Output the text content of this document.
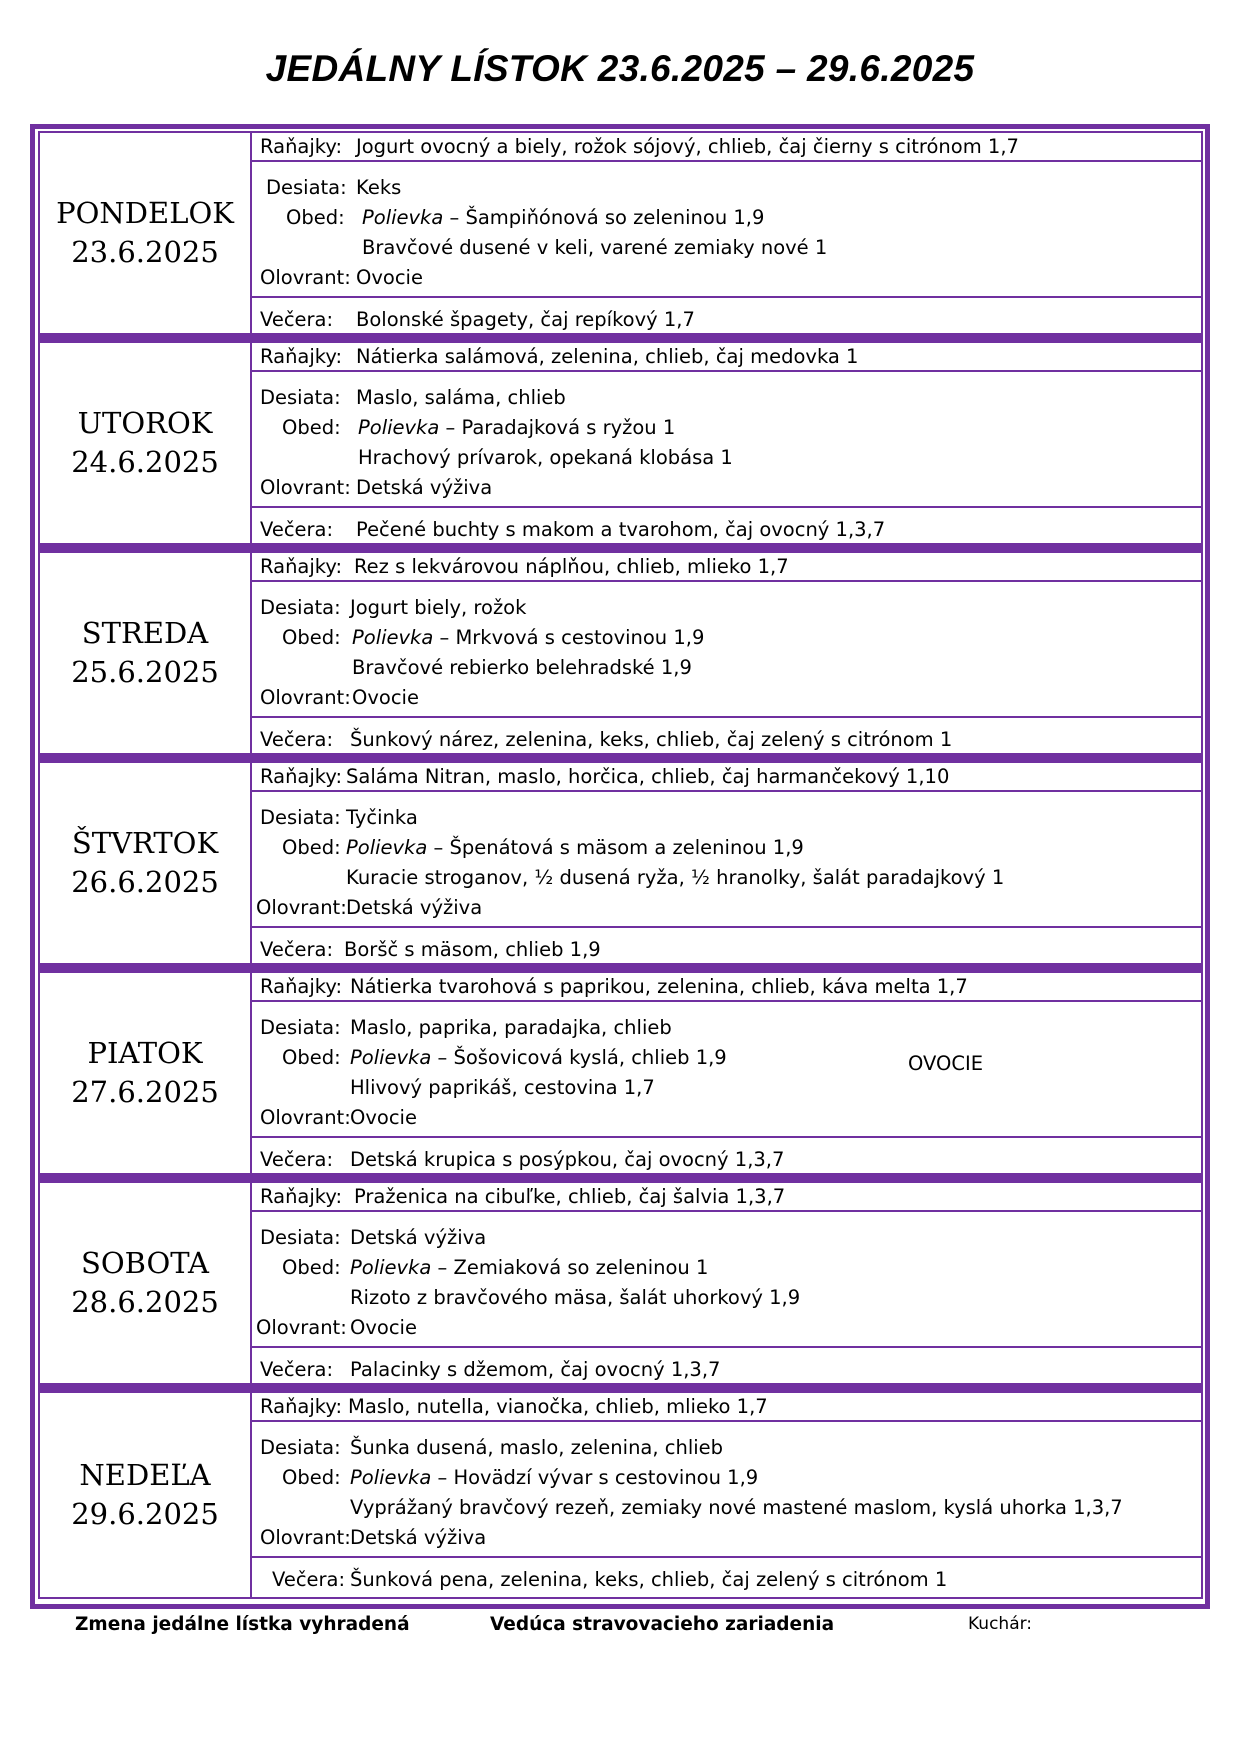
JEDÁLNY LÍSTOK 23.6.2025 – 29.6.2025
PONDELOK
23.6.2025
Raňajky: Jogurt ovocný a biely, rožok sójový, chlieb, čaj čierny s citrónom 1,7
Desiata: Keks
Obed: Polievka – Šampiňónová so zeleninou 1,9
Bravčové dusené v keli, varené zemiaky nové 1
Olovrant: Ovocie
Večera: Bolonské špagety, čaj repíkový 1,7
UTOROK
24.6.2025
Raňajky: Nátierka salámová, zelenina, chlieb, čaj medovka 1
Desiata: Maslo, saláma, chlieb
Obed: Polievka – Paradajková s ryžou 1
Hrachový prívarok, opekaná klobása 1
Olovrant: Detská výživa
Večera: Pečené buchty s makom a tvarohom, čaj ovocný 1,3,7
STREDA
25.6.2025
Raňajky: Rez s lekvárovou náplňou, chlieb, mlieko 1,7
Desiata: Jogurt biely, rožok
Obed: Polievka – Mrkvová s cestovinou 1,9
Bravčové rebierko belehradské 1,9
Olovrant: Ovocie
Večera: Šunkový nárez, zelenina, keks, chlieb, čaj zelený s citrónom 1
ŠTVRTOK
26.6.2025
Raňajky: Saláma Nitran, maslo, horčica, chlieb, čaj harmančekový 1,10
Desiata: Tyčinka
Obed: Polievka – Špenátová s mäsom a zeleninou 1,9
Kuracie stroganov, ½ dusená ryža, ½ hranolky, šalát paradajkový 1
Olovrant: Detská výživa
Večera: Boršč s mäsom, chlieb 1,9
PIATOK
27.6.2025
Raňajky: Nátierka tvarohová s paprikou, zelenina, chlieb, káva melta 1,7
Desiata: Maslo, paprika, paradajka, chlieb
Obed: Polievka – Šošovicová kyslá, chlieb 1,9	OVOCIE
Hlivový paprikáš, cestovina 1,7
Olovrant: Ovocie
Večera: Detská krupica s posýpkou, čaj ovocný 1,3,7
SOBOTA
28.6.2025
Raňajky: Praženica na cibuľke, chlieb, čaj šalvia 1,3,7
Desiata: Detská výživa
Obed: Polievka – Zemiaková so zeleninou 1
Rizoto z bravčového mäsa, šalát uhorkový 1,9
Olovrant: Ovocie
Večera: Palacinky s džemom, čaj ovocný 1,3,7
NEDEĽA
29.6.2025
Raňajky: Maslo, nutella, vianočka, chlieb, mlieko 1,7
Desiata: Šunka dusená, maslo, zelenina, chlieb
Obed: Polievka – Hovädzí vývar s cestovinou 1,9
Vyprážaný bravčový rezeň, zemiaky nové mastené maslom, kyslá uhorka 1,3,7
Olovrant: Detská výživa
Večera: Šunková pena, zelenina, keks, chlieb, čaj zelený s citrónom 1
Zmena jedálne lístka vyhradená	Vedúca stravovacieho zariadenia	Kuchár:
